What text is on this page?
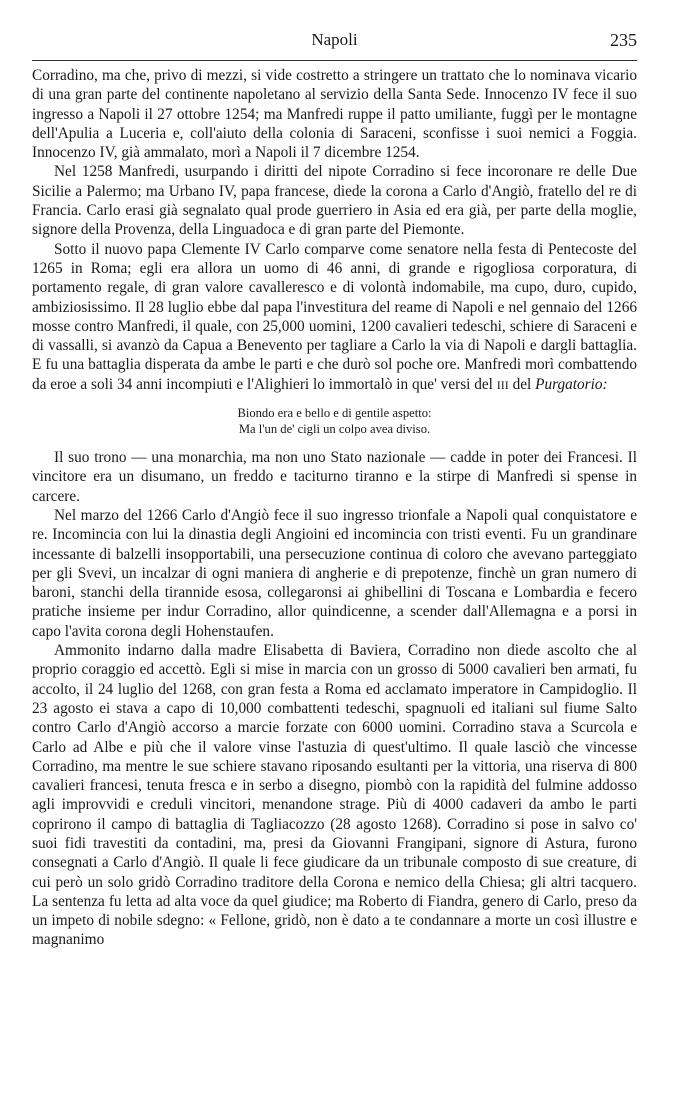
Napoli	235

Corradino, ma che, privo di mezzi, si vide costretto a stringere un trattato che lo nominava vicario di una gran parte del continente napoletano al servizio della Santa Sede. Innocenzo IV fece il suo ingresso a Napoli il 27 ottobre 1254; ma Manfredi ruppe il patto umiliante, fuggì per le montagne dell'Apulia a Luceria e, coll'aiuto della colonia di Saraceni, sconfisse i suoi nemici a Foggia. Innocenzo IV, già ammalato, morì a Napoli il 7 dicembre 1254.

Nel 1258 Manfredi, usurpando i diritti del nipote Corradino si fece incoronare re delle Due Sicilie a Palermo; ma Urbano IV, papa francese, diede la corona a Carlo d'Angiò, fratello del re di Francia. Carlo erasi già segnalato qual prode guerriero in Asia ed era già, per parte della moglie, signore della Provenza, della Linguadoca e di gran parte del Piemonte.

Sotto il nuovo papa Clemente IV Carlo comparve come senatore nella festa di Pentecoste del 1265 in Roma; egli era allora un uomo di 46 anni, di grande e rigogliosa corporatura, di portamento regale, di gran valore cavalleresco e di volontà indomabile, ma cupo, duro, cupido, ambiziosissimo. Il 28 luglio ebbe dal papa l'investitura del reame di Napoli e nel gennaio del 1266 mosse contro Manfredi, il quale, con 25,000 uomini, 1200 cavalieri tedeschi, schiere di Saraceni e di vassalli, si avanzò da Capua a Benevento per tagliare a Carlo la via di Napoli e dargli battaglia. E fu una battaglia disperata da ambe le parti e che durò sol poche ore. Manfredi morì combattendo da eroe a soli 34 anni incompiuti e l'Alighieri lo immortalò in que' versi del III del Purgatorio:

Biondo era e bello e di gentile aspetto:
Ma l'un de' cigli un colpo avea diviso.

Il suo trono — una monarchia, ma non uno Stato nazionale — cadde in poter dei Francesi. Il vincitore era un disumano, un freddo e taciturno tiranno e la stirpe di Manfredi si spense in carcere.

Nel marzo del 1266 Carlo d'Angiò fece il suo ingresso trionfale a Napoli qual conquistatore e re. Incomincia con lui la dinastia degli Angioini ed incomincia con tristi eventi. Fu un grandinare incessante di balzelli insopportabili, una persecuzione continua di coloro che avevano parteggiato per gli Svevi, un incalzar di ogni maniera di angherie e di prepotenze, finchè un gran numero di baroni, stanchi della tirannide esosa, collegaronsi ai ghibellini di Toscana e Lombardia e fecero pratiche insieme per indur Corradino, allor quindicenne, a scender dall'Allemagna e a porsi in capo l'avita corona degli Hohenstaufen.

Ammonito indarno dalla madre Elisabetta di Baviera, Corradino non diede ascolto che al proprio coraggio ed accettò. Egli si mise in marcia con un grosso di 5000 cavalieri ben armati, fu accolto, il 24 luglio del 1268, con gran festa a Roma ed acclamato imperatore in Campidoglio. Il 23 agosto ei stava a capo di 10,000 combattenti tedeschi, spagnuoli ed italiani sul fiume Salto contro Carlo d'Angiò accorso a marcie forzate con 6000 uomini. Corradino stava a Scurcola e Carlo ad Albe e più che il valore vinse l'astuzia di quest'ultimo. Il quale lasciò che vincesse Corradino, ma mentre le sue schiere stavano riposando esultanti per la vittoria, una riserva di 800 cavalieri francesi, tenuta fresca e in serbo a disegno, piombò con la rapidità del fulmine addosso agli improvvidi e creduli vincitori, menandone strage. Più di 4000 cadaveri da ambo le parti coprirono il campo di battaglia di Tagliacozzo (28 agosto 1268). Corradino si pose in salvo co' suoi fidi travestiti da contadini, ma, presi da Giovanni Frangipani, signore di Astura, furono consegnati a Carlo d'Angiò. Il quale li fece giudicare da un tribunale composto di sue creature, di cui però un solo gridò Corradino traditore della Corona e nemico della Chiesa; gli altri tacquero. La sentenza fu letta ad alta voce da quel giudice; ma Roberto di Fiandra, genero di Carlo, preso da un impeto di nobile sdegno: « Fellone, gridò, non è dato a te condannare a morte un così illustre e magnanimo
